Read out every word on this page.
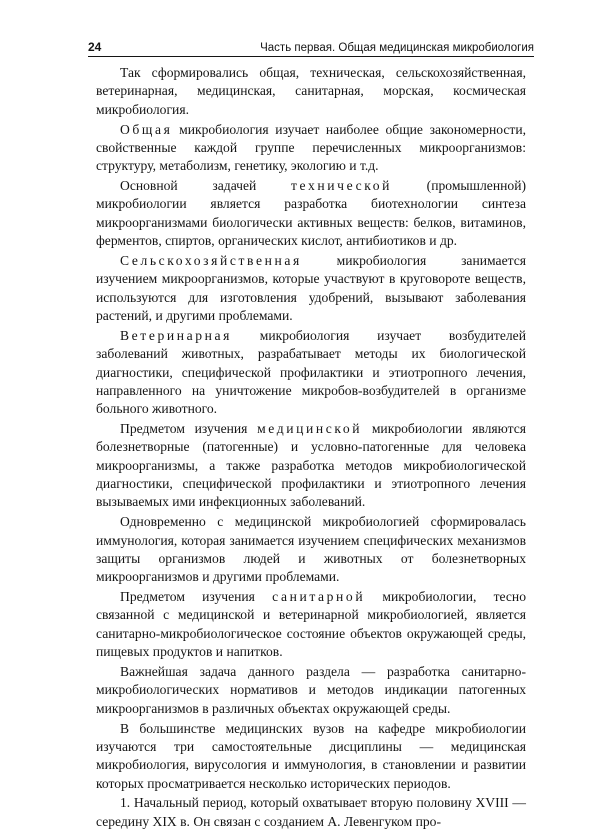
24	Часть первая. Общая медицинская микробиология

Так сформировались общая, техническая, сельскохозяйственная, ветеринарная, медицинская, санитарная, морская, космическая микробиология.

Общая микробиология изучает наиболее общие закономерности, свойственные каждой группе перечисленных микроорганизмов: структуру, метаболизм, генетику, экологию и т.д.

Основной задачей технической (промышленной) микробиологии является разработка биотехнологии синтеза микроорганизмами биологически активных веществ: белков, витаминов, ферментов, спиртов, органических кислот, антибиотиков и др.

Сельскохозяйственная микробиология занимается изучением микроорганизмов, которые участвуют в круговороте веществ, используются для изготовления удобрений, вызывают заболевания растений, и другими проблемами.

Ветеринарная микробиология изучает возбудителей заболеваний животных, разрабатывает методы их биологической диагностики, специфической профилактики и этиотропного лечения, направленного на уничтожение микробов-возбудителей в организме больного животного.

Предметом изучения медицинской микробиологии являются болезнетворные (патогенные) и условно-патогенные для человека микроорганизмы, а также разработка методов микробиологической диагностики, специфической профилактики и этиотропного лечения вызываемых ими инфекционных заболеваний.

Одновременно с медицинской микробиологией сформировалась иммунология, которая занимается изучением специфических механизмов защиты организмов людей и животных от болезнетворных микроорганизмов и другими проблемами.

Предметом изучения санитарной микробиологии, тесно связанной с медицинской и ветеринарной микробиологией, является санитарно-микробиологическое состояние объектов окружающей среды, пищевых продуктов и напитков.

Важнейшая задача данного раздела — разработка санитарно-микробиологических нормативов и методов индикации патогенных микроорганизмов в различных объектах окружающей среды.

В большинстве медицинских вузов на кафедре микробиологии изучаются три самостоятельные дисциплины — медицинская микробиология, вирусология и иммунология, в становлении и развитии которых просматривается несколько исторических периодов.

1. Начальный период, который охватывает вторую половину XVIII — середину XIX в. Он связан с созданием А. Левенгуком про-
